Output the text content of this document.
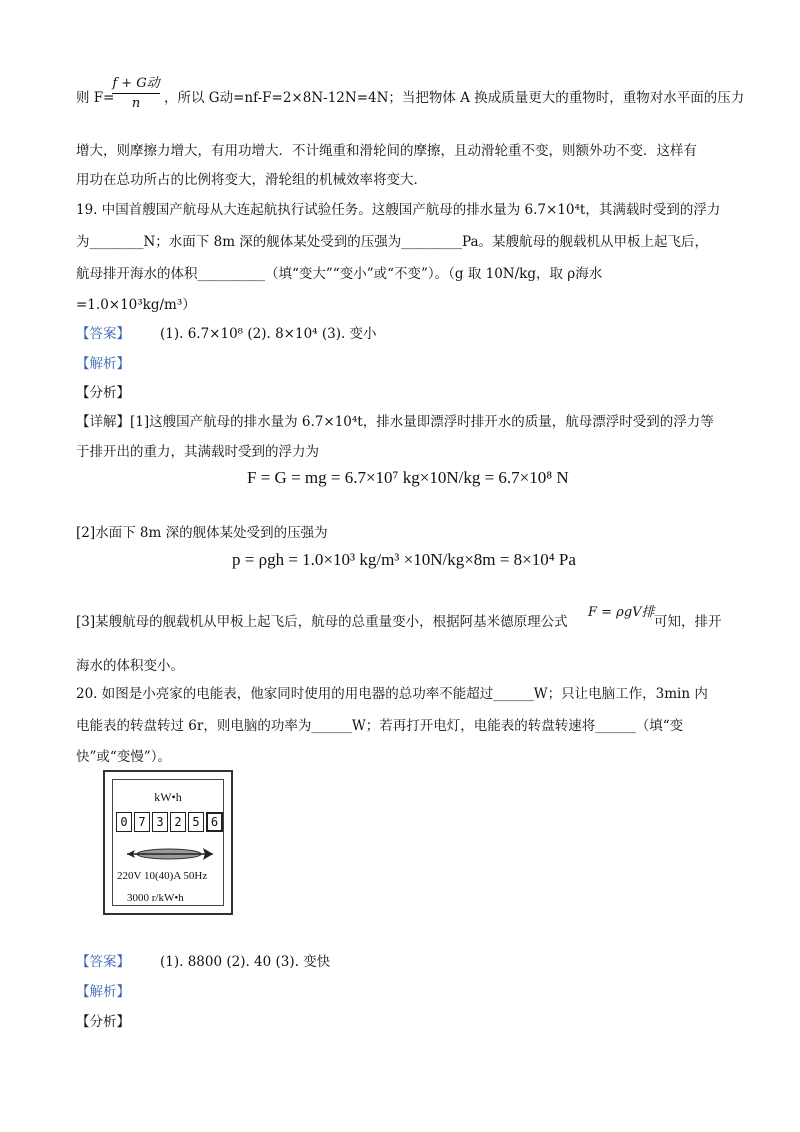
f + G动
n
则 F=	，所以 G动=nf-F=2×8N-12N=4N；当把物体 A 换成质量更大的重物时，重物对水平面的压力
增大，则摩擦力增大，有用功增大．不计绳重和滑轮间的摩擦，且动滑轮重不变，则额外功不变．这样有
用功在总功所占的比例将变大，滑轮组的机械效率将变大．
19. 中国首艘国产航母从大连起航执行试验任务。这艘国产航母的排水量为 6.7×10⁴t，其满载时受到的浮力
为________N；水面下 8m 深的舰体某处受到的压强为_________Pa。某艘航母的舰载机从甲板上起飞后，
航母排开海水的体积__________（填“变大”“变小”或“不变”）。（g 取 10N/kg，取 ρ海水
=1.0×10³kg/m³）
【答案】 (1). 6.7×10⁸ (2). 8×10⁴ (3). 变小
【解析】
【分析】
【详解】[1]这艘国产航母的排水量为 6.7×10⁴t，排水量即漂浮时排开水的质量，航母漂浮时受到的浮力等
于排开出的重力，其满载时受到的浮力为
F = G = mg = 6.7×10⁷ kg×10N/kg = 6.7×10⁸ N
[2]水面下 8m 深的舰体某处受到的压强为
p = ρgh = 1.0×10³ kg/m³ ×10N/kg×8m = 8×10⁴ Pa
[3]某艘航母的舰载机从甲板上起飞后，航母的总重量变小，根据阿基米德原理公式
F = ρgV排
可知，排开
海水的体积变小。
20. 如图是小亮家的电能表，他家同时使用的用电器的总功率不能超过______W；只让电脑工作，3min 内
电能表的转盘转过 6r，则电脑的功率为______W；若再打开电灯，电能表的转盘转速将______（填“变
快”或“变慢”）。
kW•h
0 7 3 2 5 6
220V 10(40)A 50Hz
3000 r/kW•h
【答案】 (1). 8800 (2). 40 (3). 变快
【解析】
【分析】
